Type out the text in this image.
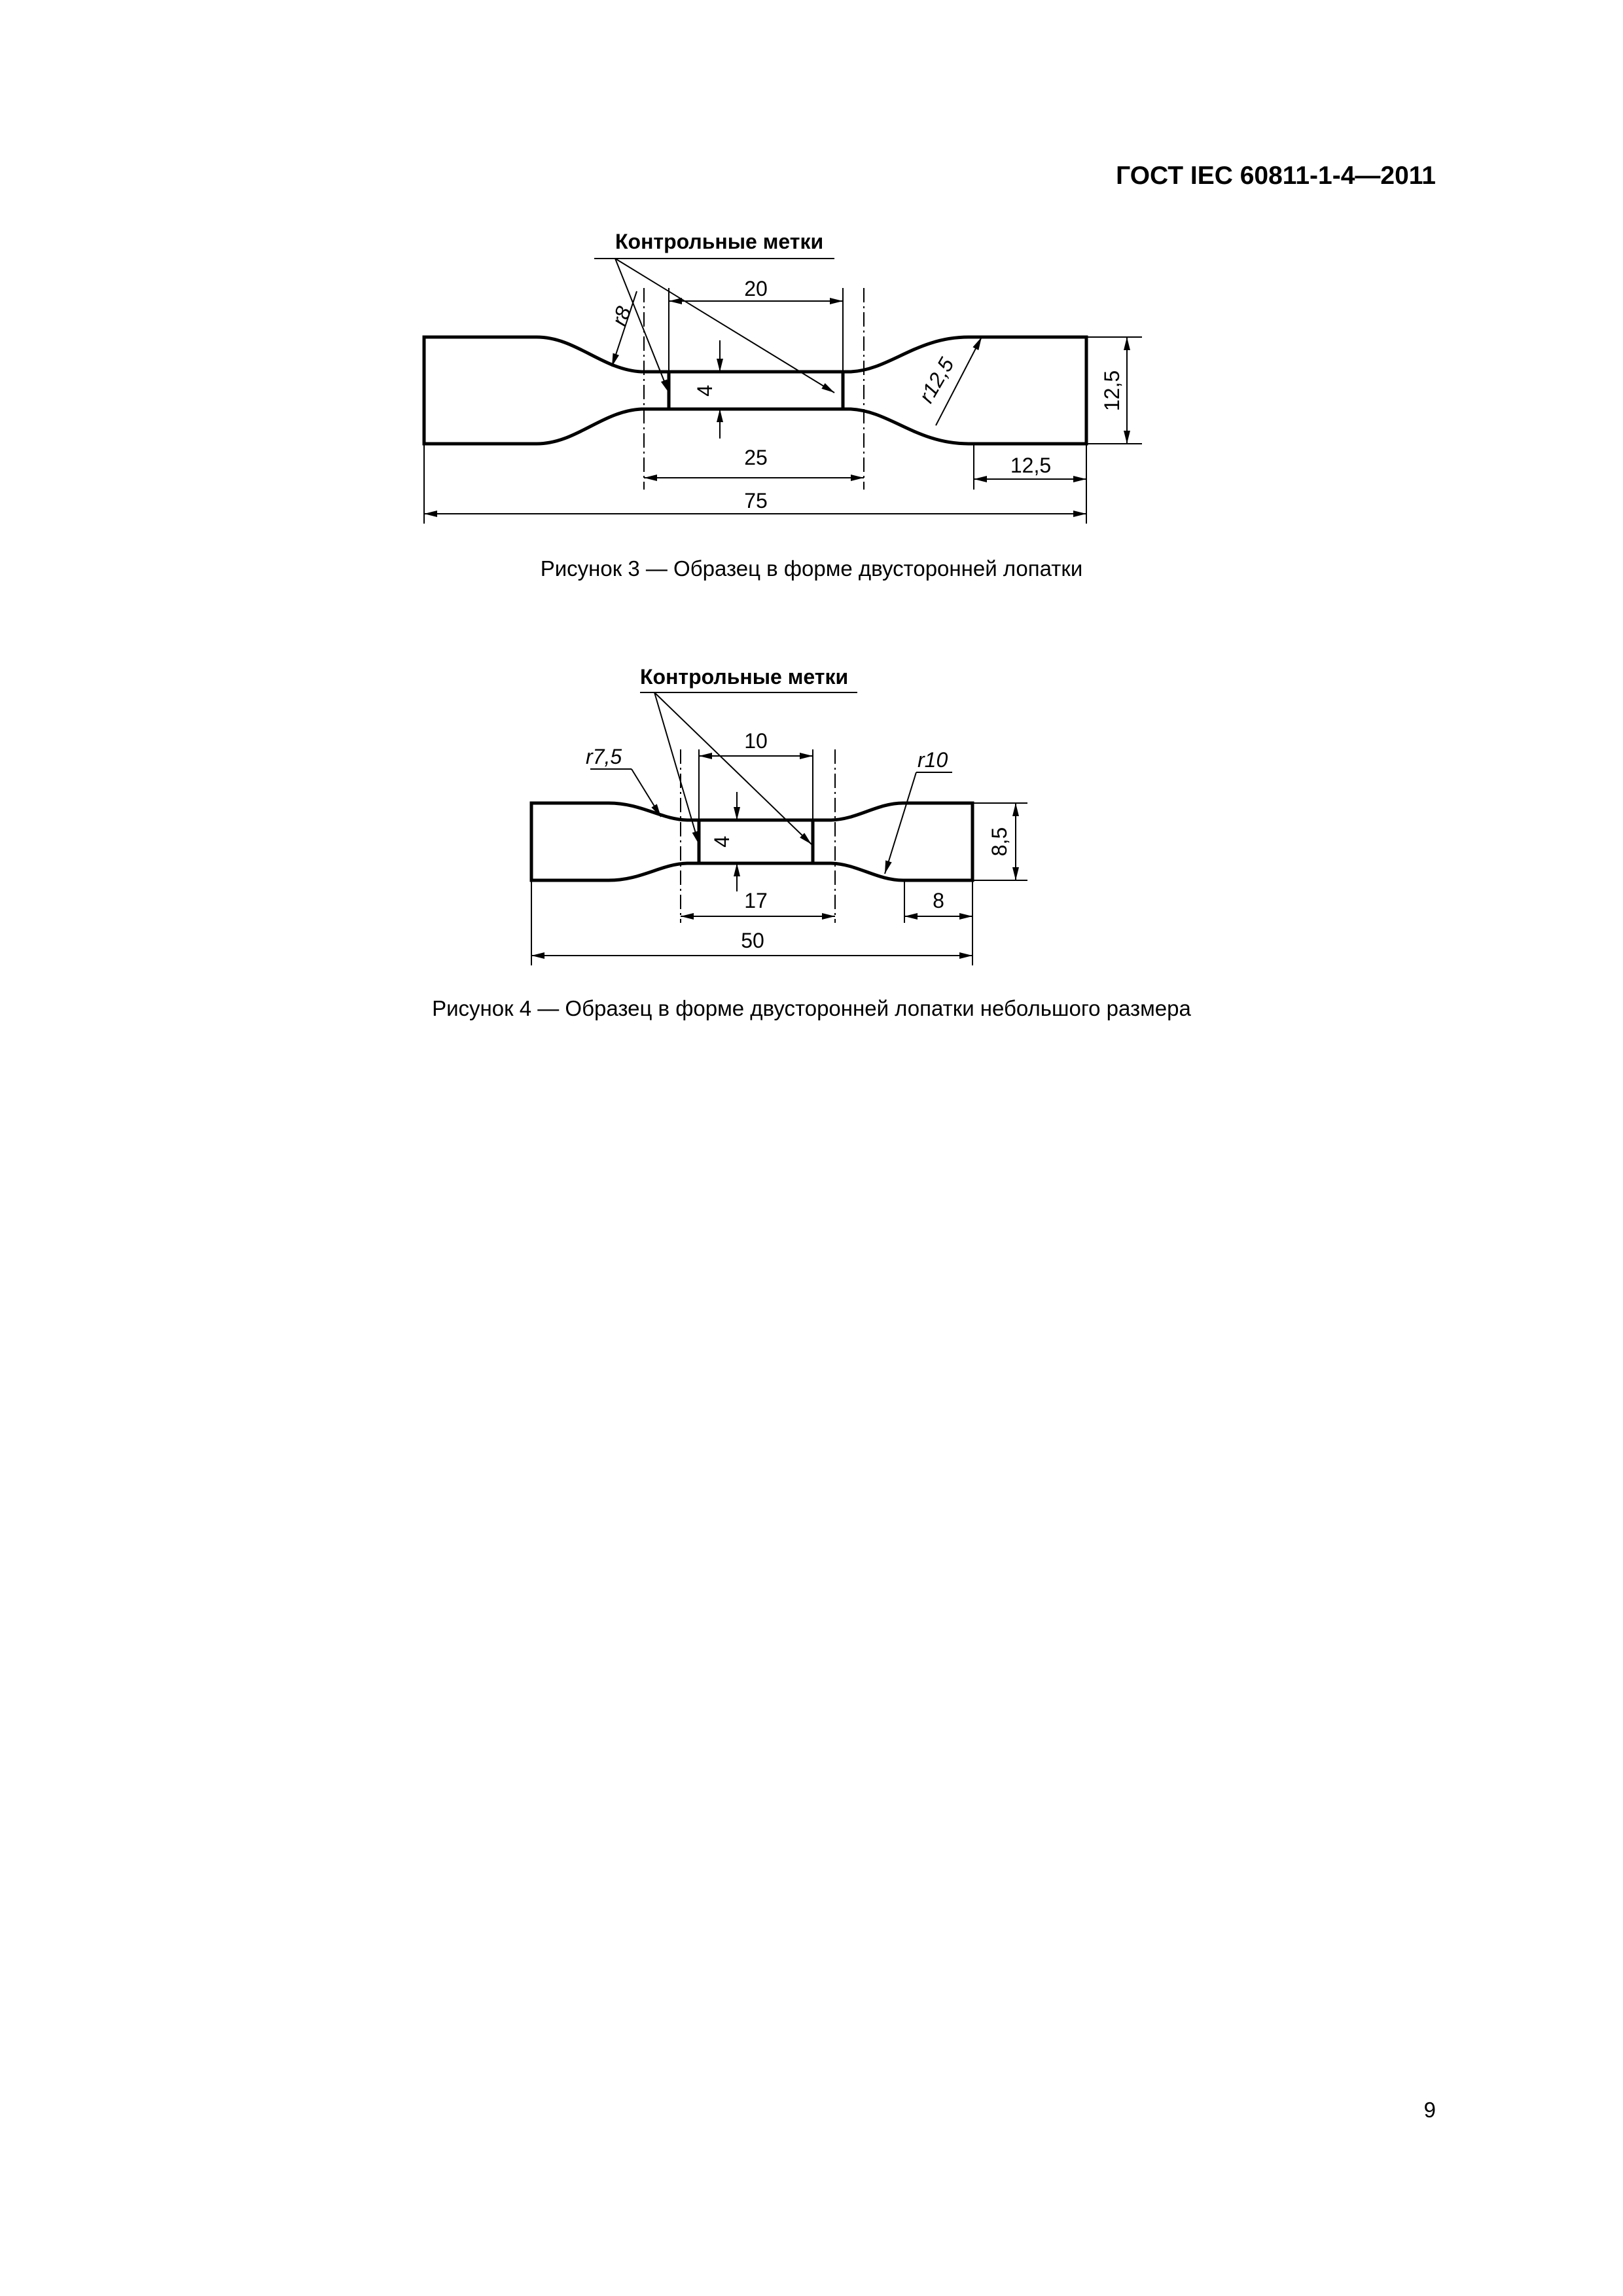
ГОСТ IEC 60811-1-4—2011

Контрольные метки
20
25
75
12,5
12,5
4
r8
r12,5

Рисунок 3 — Образец в форме двусторонней лопатки

Контрольные метки
10
17
50
8
8,5
4
r7,5	r10

Рисунок 4 — Образец в форме двусторонней лопатки небольшого размера

9
